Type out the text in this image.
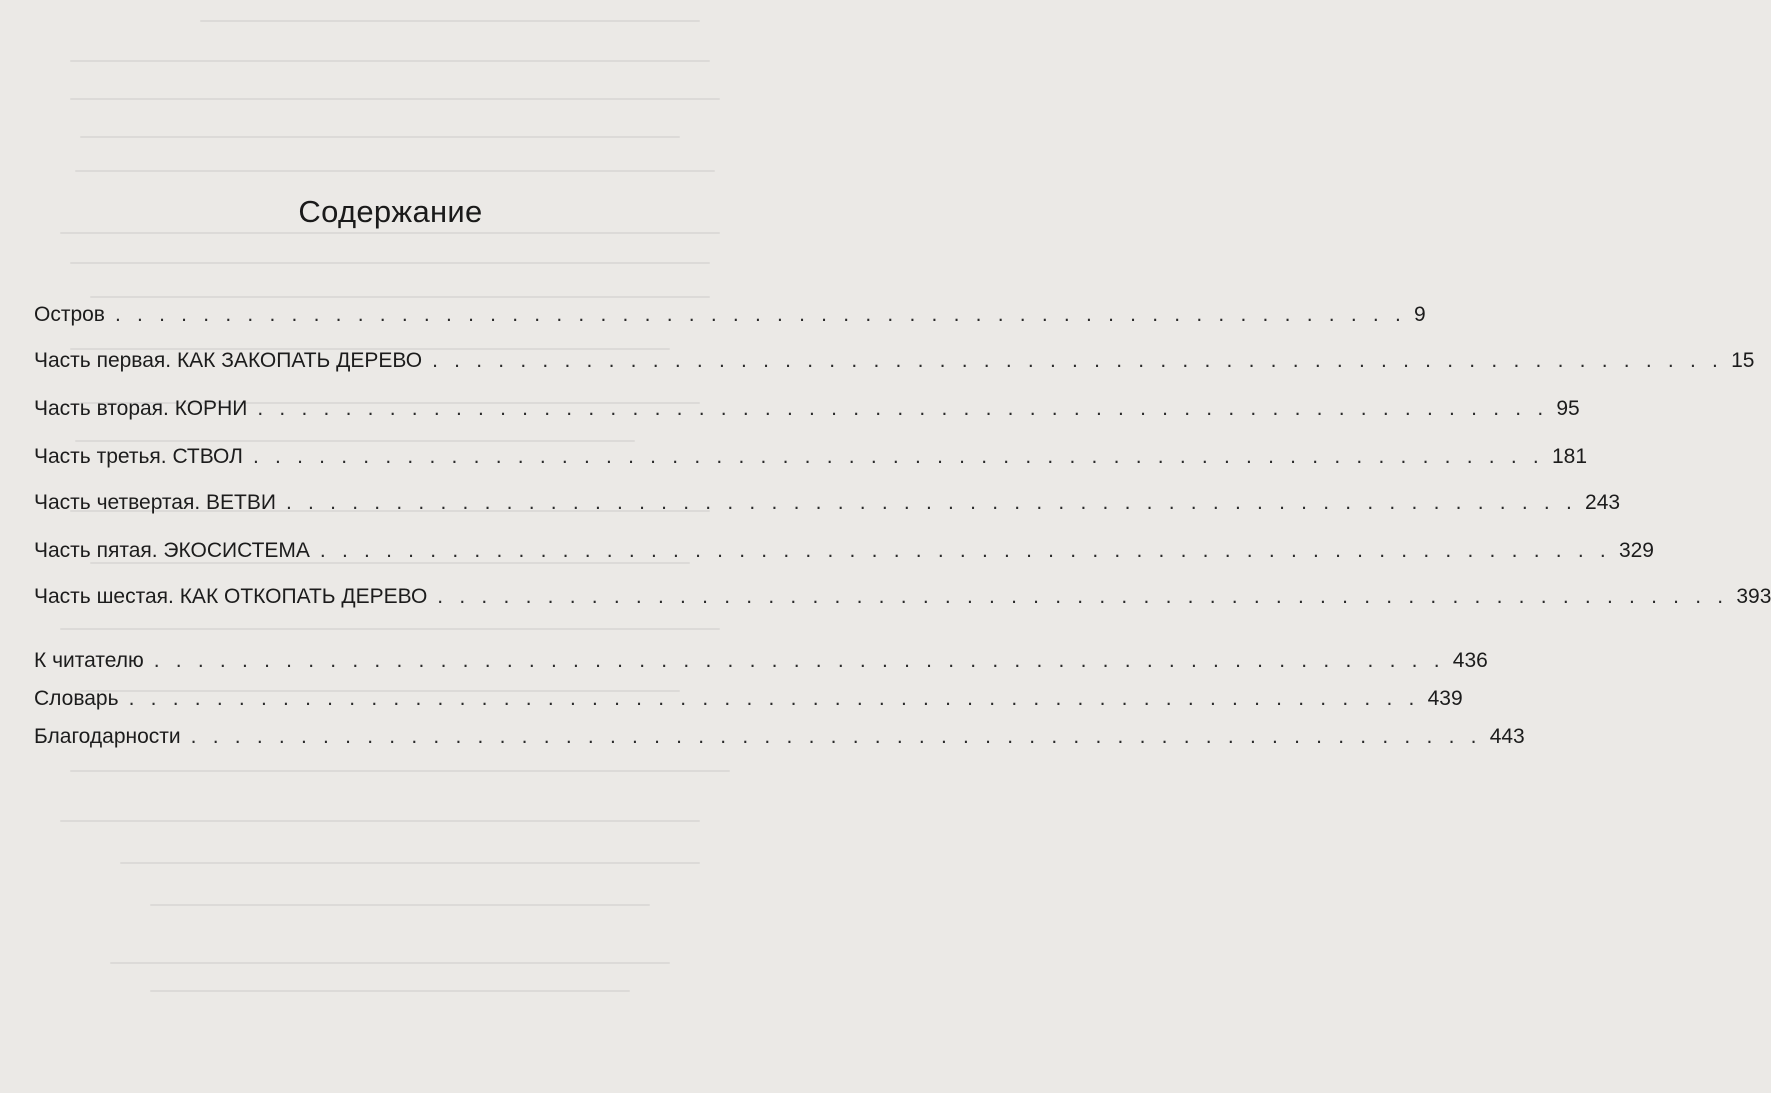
Содержание
Остров . . . . . . . . . . . . . . . . . . . . . . . . . . . . . . . . . . . . . . . . . . . . . . . . . . . . . . . . . . . 9
Часть первая. КАК ЗАКОПАТЬ ДЕРЕВО . . . . . . . . . . . . . . . . . . . . . . . . . . . . . . . . . . . . . . . . . . . . . . . . . . . . . . . . . . . 15
Часть вторая. КОРНИ . . . . . . . . . . . . . . . . . . . . . . . . . . . . . . . . . . . . . . . . . . . . . . . . . . . . . . . . . . . 95
Часть третья. СТВОЛ . . . . . . . . . . . . . . . . . . . . . . . . . . . . . . . . . . . . . . . . . . . . . . . . . . . . . . . . . . . 181
Часть четвертая. ВЕТВИ . . . . . . . . . . . . . . . . . . . . . . . . . . . . . . . . . . . . . . . . . . . . . . . . . . . . . . . . . . . 243
Часть пятая. ЭКОСИСТЕМА . . . . . . . . . . . . . . . . . . . . . . . . . . . . . . . . . . . . . . . . . . . . . . . . . . . . . . . . . . . 329
Часть шестая. КАК ОТКОПАТЬ ДЕРЕВО . . . . . . . . . . . . . . . . . . . . . . . . . . . . . . . . . . . . . . . . . . . . . . . . . . . . . . . . . . . 393
К читателю . . . . . . . . . . . . . . . . . . . . . . . . . . . . . . . . . . . . . . . . . . . . . . . . . . . . . . . . . . . 436
Словарь . . . . . . . . . . . . . . . . . . . . . . . . . . . . . . . . . . . . . . . . . . . . . . . . . . . . . . . . . . . 439
Благодарности . . . . . . . . . . . . . . . . . . . . . . . . . . . . . . . . . . . . . . . . . . . . . . . . . . . . . . . . . . . 443
